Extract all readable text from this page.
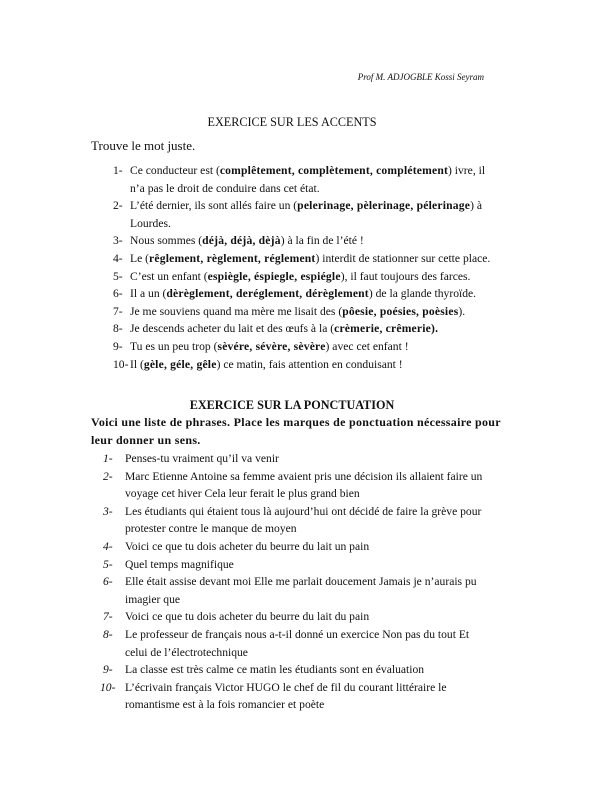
Prof M. ADJOGBLE Kossi Seyram
EXERCICE SUR LES ACCENTS
Trouve le mot juste.
1- Ce conducteur est (complêtement, complètement, complétement) ivre, il
n’a pas le droit de conduire dans cet état.
2- L’été dernier, ils sont allés faire un (pelerinage, pèlerinage, pélerinage) à
Lourdes.
3- Nous sommes (déjà, déjà, dèjà) à la fin de l’été !
4- Le (rêglement, règlement, réglement) interdit de stationner sur cette place.
5- C’est un enfant (espiègle, éspiegle, espiégle), il faut toujours des farces.
6- Il a un (dèrèglement, deréglement, dérèglement) de la glande thyroïde.
7- Je me souviens quand ma mère me lisait des (pôesie, poésies, poèsies).
8- Je descends acheter du lait et des œufs à la (crèmerie, crêmerie).
9- Tu es un peu trop (sèvére, sévère, sèvère) avec cet enfant !
10- Il (gèle, géle, gêle) ce matin, fais attention en conduisant !
EXERCICE SUR LA PONCTUATION
Voici une liste de phrases. Place les marques de ponctuation nécessaire pour
leur donner un sens.
1- Penses-tu vraiment qu’il va venir
2- Marc Etienne Antoine sa femme avaient pris une décision ils allaient faire un
voyage cet hiver Cela leur ferait le plus grand bien
3- Les étudiants qui étaient tous là aujourd’hui ont décidé de faire la grève pour
protester contre le manque de moyen
4- Voici ce que tu dois acheter du beurre du lait un pain
5- Quel temps magnifique
6- Elle était assise devant moi Elle me parlait doucement Jamais je n’aurais pu
imagier que
7- Voici ce que tu dois acheter du beurre du lait du pain
8- Le professeur de français nous a-t-il donné un exercice Non pas du tout Et
celui de l’électrotechnique
9- La classe est très calme ce matin les étudiants sont en évaluation
10- L’écrivain français Victor HUGO le chef de fil du courant littéraire le
romantisme est à la fois romancier et poète
